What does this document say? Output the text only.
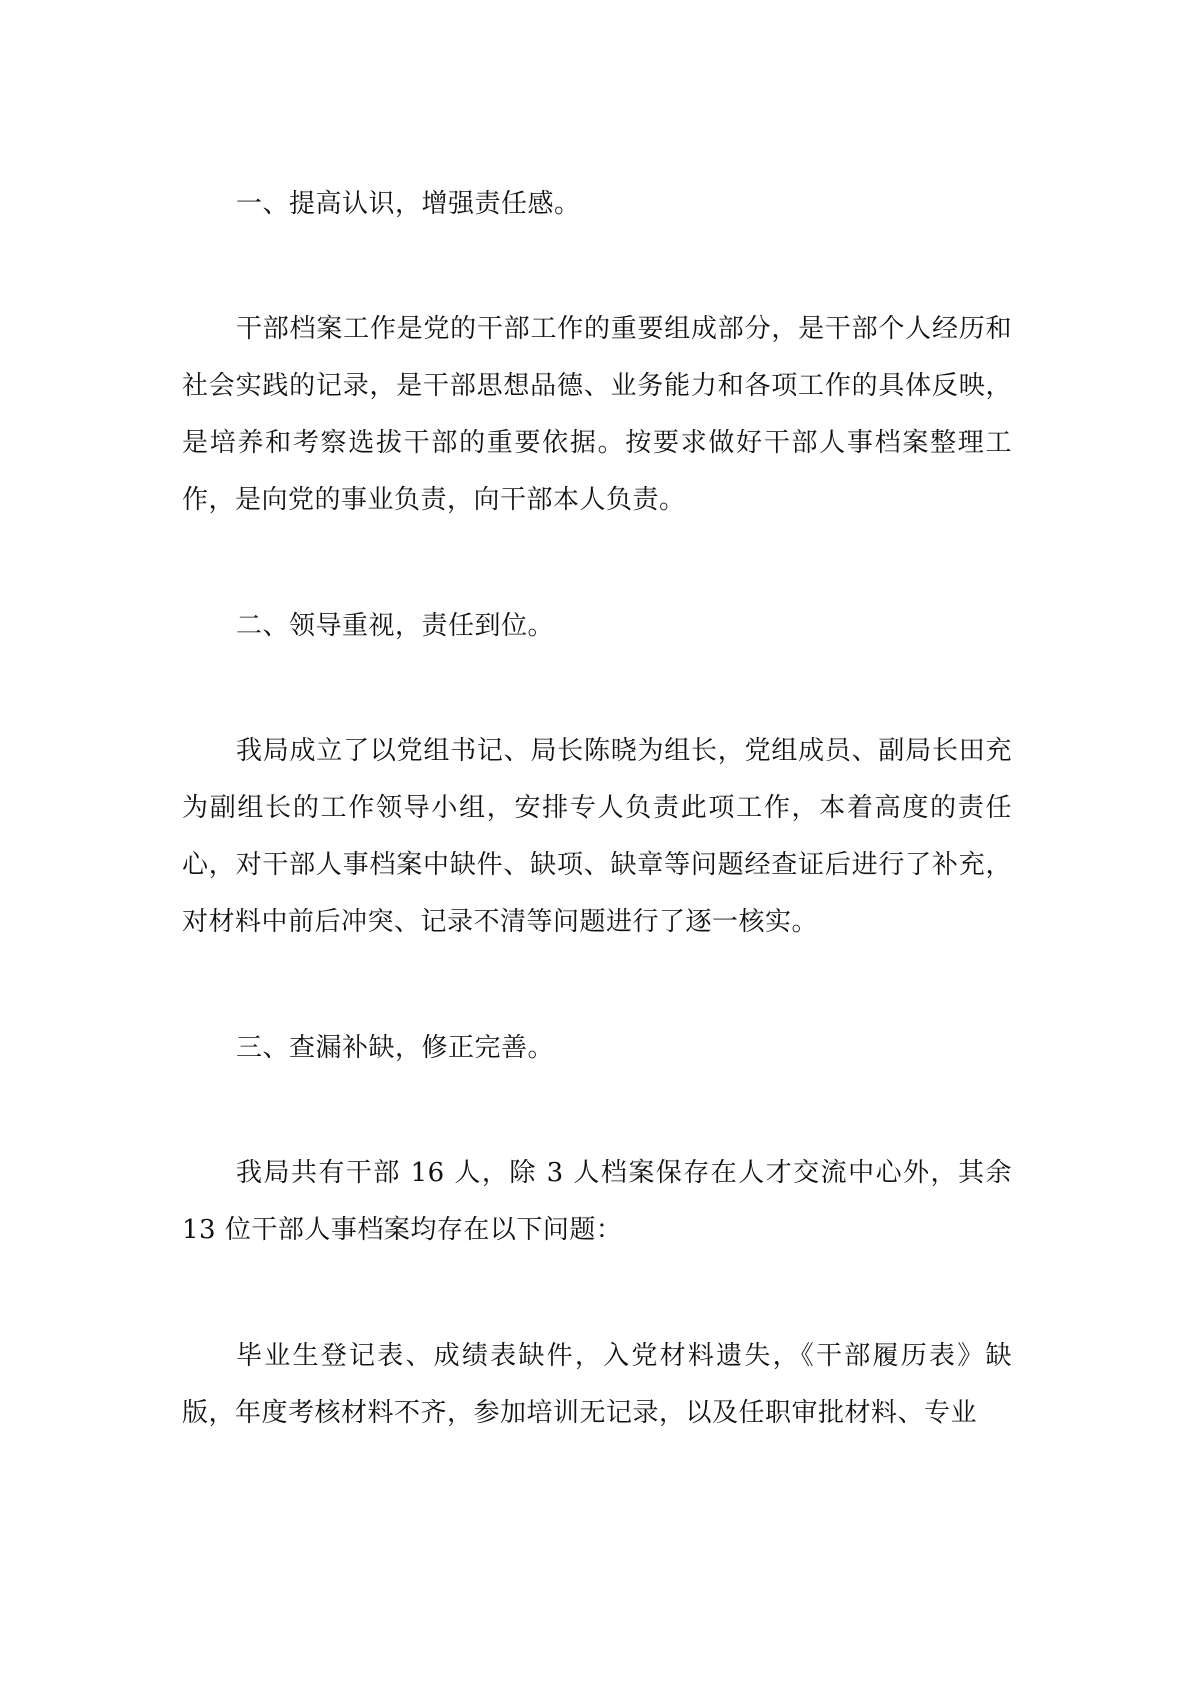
一、提高认识，增强责任感。

干部档案工作是党的干部工作的重要组成部分，是干部个人经历和社会实践的记录，是干部思想品德、业务能力和各项工作的具体反映，是培养和考察选拔干部的重要依据。按要求做好干部人事档案整理工作，是向党的事业负责，向干部本人负责。

二、领导重视，责任到位。

我局成立了以党组书记、局长陈晓为组长，党组成员、副局长田充为副组长的工作领导小组，安排专人负责此项工作，本着高度的责任心，对干部人事档案中缺件、缺项、缺章等问题经查证后进行了补充，对材料中前后冲突、记录不清等问题进行了逐一核实。

三、查漏补缺，修正完善。

我局共有干部 16 人，除 3 人档案保存在人才交流中心外，其余 13 位干部人事档案均存在以下问题：

毕业生登记表、成绩表缺件，入党材料遗失，《干部履历表》缺版，年度考核材料不齐，参加培训无记录，以及任职审批材料、专业
